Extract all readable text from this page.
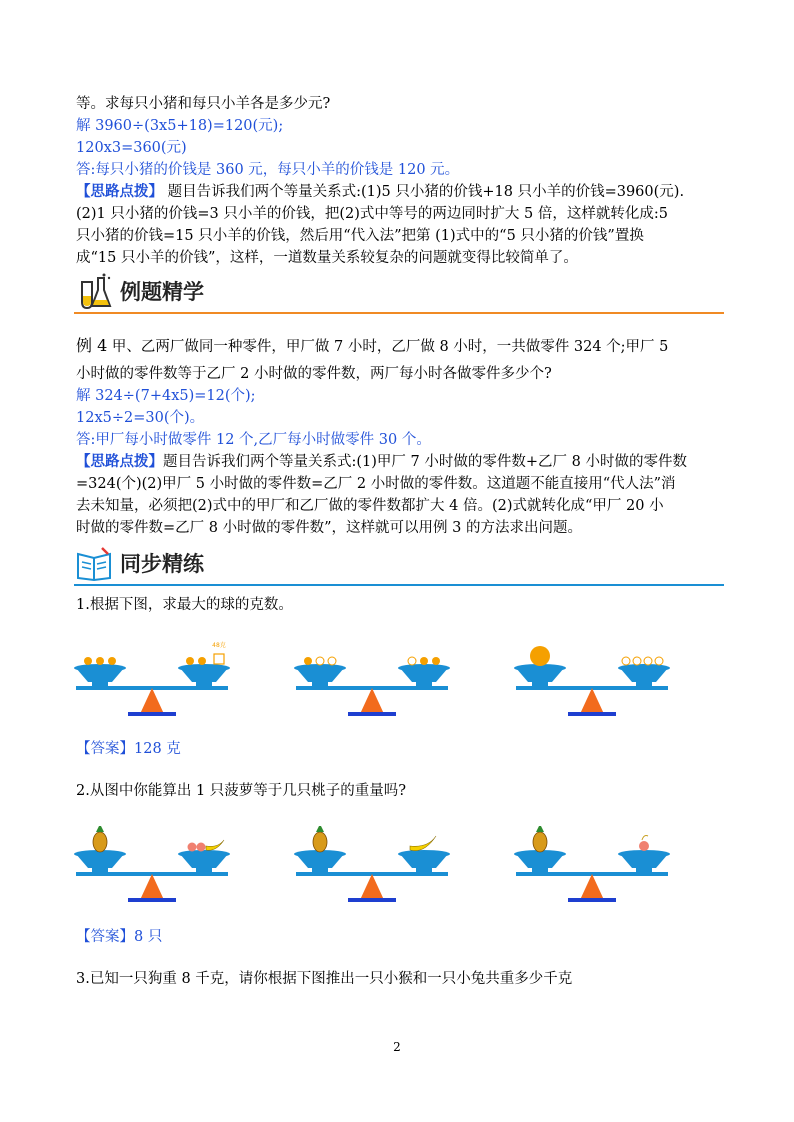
等。求每只小猪和每只小羊各是多少元?
解 3960÷(3x5+18)=120(元);
120x3=360(元)
答:每只小猪的价钱是 360 元，每只小羊的价钱是 120 元。
【思路点拨】 题目告诉我们两个等量关系式:(1)5 只小猪的价钱+18 只小羊的价钱=3960(元).
(2)1 只小猪的价钱=3 只小羊的价钱，把(2)式中等号的两边同时扩大 5 倍，这样就转化成:5
只小猪的价钱=15 只小羊的价钱，然后用“代入法”把第 (1)式中的“5 只小猪的价钱”置换
成“15 只小羊的价钱”，这样，一道数量关系较复杂的问题就变得比较简单了。
例题精学
例 4 甲、乙两厂做同一种零件，甲厂做 7 小时，乙厂做 8 小时，一共做零件 324 个;甲厂 5
小时做的零件数等于乙厂 2 小时做的零件数，两厂每小时各做零件多少个?
解 324÷(7+4x5)=12(个);
12x5÷2=30(个)。
答:甲厂每小时做零件 12 个,乙厂每小时做零件 30 个。
【思路点拨】题目告诉我们两个等量关系式:(1)甲厂 7 小时做的零件数+乙厂 8 小时做的零件数
=324(个)(2)甲厂 5 小时做的零件数=乙厂 2 小时做的零件数。这道题不能直接用“代人法”消
去未知量，必须把(2)式中的甲厂和乙厂做的零件数都扩大 4 倍。(2)式就转化成“甲厂 20 小
时做的零件数=乙厂 8 小时做的零件数”，这样就可以用例 3 的方法求出问题。
同步精练
1.根据下图，求最大的球的克数。
48克
【答案】128 克
2.从图中你能算出 1 只菠萝等于几只桃子的重量吗?
【答案】8 只
3.已知一只狗重 8 千克，请你根据下图推出一只小猴和一只小兔共重多少千克
2
